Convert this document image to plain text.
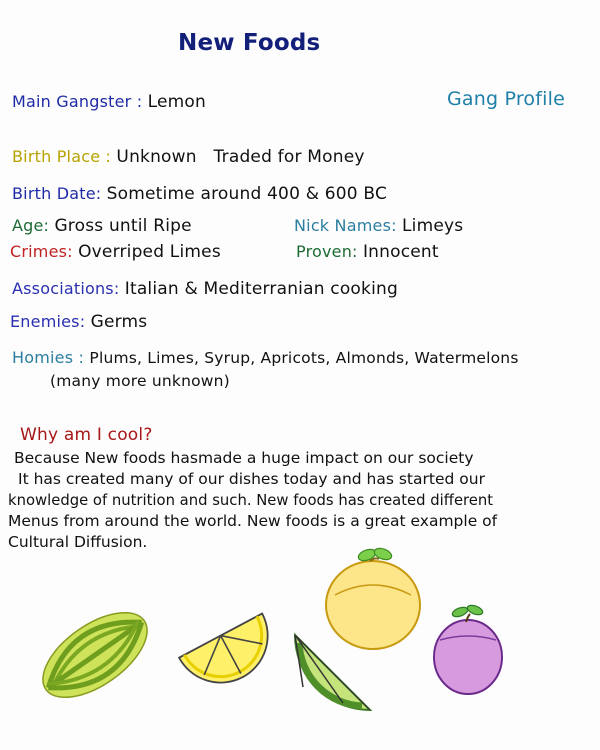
New Foods
Gang Profile
Main Gangster : Lemon
Birth Place : Unknown   Traded for Money
Birth Date: Sometime around 400 & 600 BC
Age: Gross until Ripe	Nick Names: Limeys
Crimes: Overriped Limes	Proven: Innocent
Associations: Italian & Mediterranian cooking
Enemies: Germs
Homies : Plums, Limes, Syrup, Apricots, Almonds, Watermelons
(many more unknown)
Why am I cool?
Because New foods hasmade a huge impact on our society
It has created many of our dishes today and has started our
knowledge of nutrition and such. New foods has created different
Menus from around the world. New foods is a great example of
Cultural Diffusion.
